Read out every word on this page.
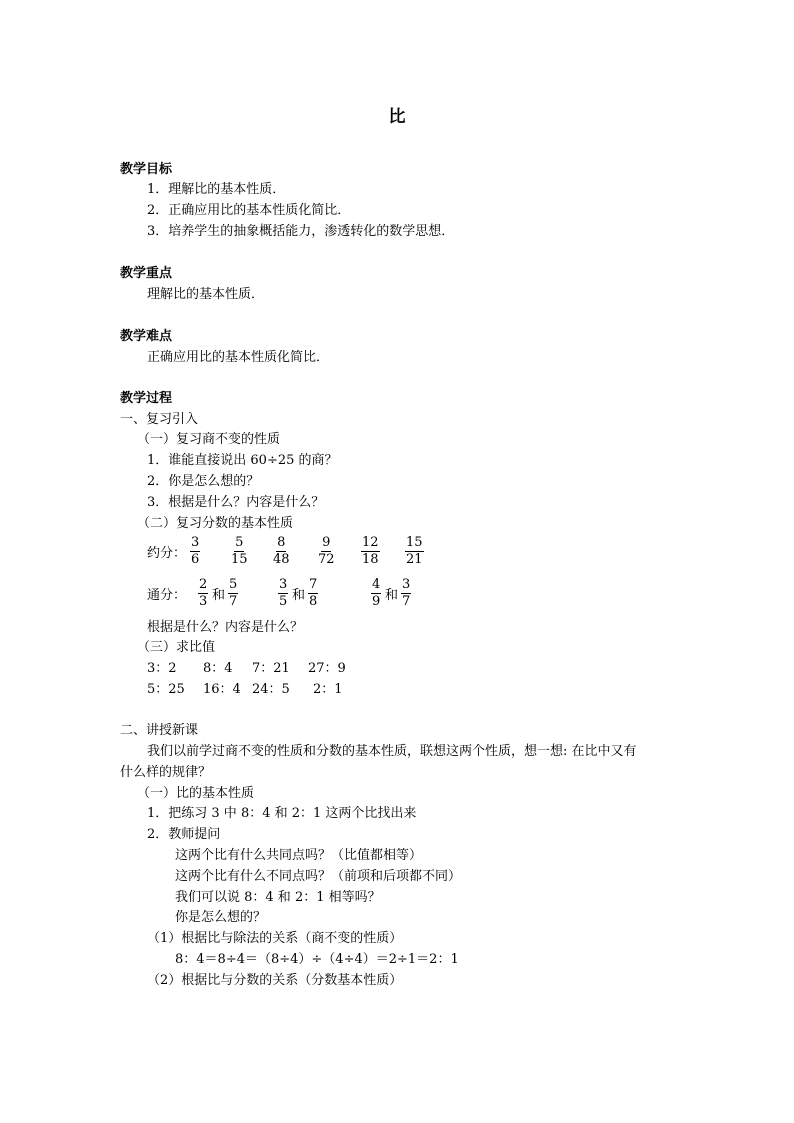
比
教学目标
1．理解比的基本性质．
2．正确应用比的基本性质化简比．
3．培养学生的抽象概括能力，渗透转化的数学思想．
教学重点
理解比的基本性质．
教学难点
正确应用比的基本性质化简比．
教学过程
一、复习引入
（一）复习商不变的性质
1．谁能直接说出 60÷25 的商？
2．你是怎么想的？
3．根据是什么？内容是什么？
（二）复习分数的基本性质
约分： $\frac{3}{6} \frac{5}{15} \frac{8}{48} \frac{9}{72} \frac{12}{18} \frac{15}{21}$
通分： $\frac{2}{3}$ 和 $\frac{5}{7}$	$\frac{3}{5}$ 和 $\frac{7}{8}$	$\frac{4}{9}$ 和 $\frac{3}{7}$
根据是什么？内容是什么？
（三）求比值
3：2 8：4 7：21 27：9
5：25 16：4 24：5 2：1
二、讲授新课
我们以前学过商不变的性质和分数的基本性质，联想这两个性质，想一想: 在比中又有
什么样的规律？
（一）比的基本性质
1．把练习 3 中 8：4 和 2：1 这两个比找出来
2．教师提问
这两个比有什么共同点吗？（比值都相等）
这两个比有什么不同点吗？（前项和后项都不同）
我们可以说 8：4 和 2：1 相等吗？
你是怎么想的？
（1）根据比与除法的关系（商不变的性质）
8：4＝8÷4＝（8÷4）÷（4÷4）＝2÷1＝2：1
（2）根据比与分数的关系（分数基本性质）
